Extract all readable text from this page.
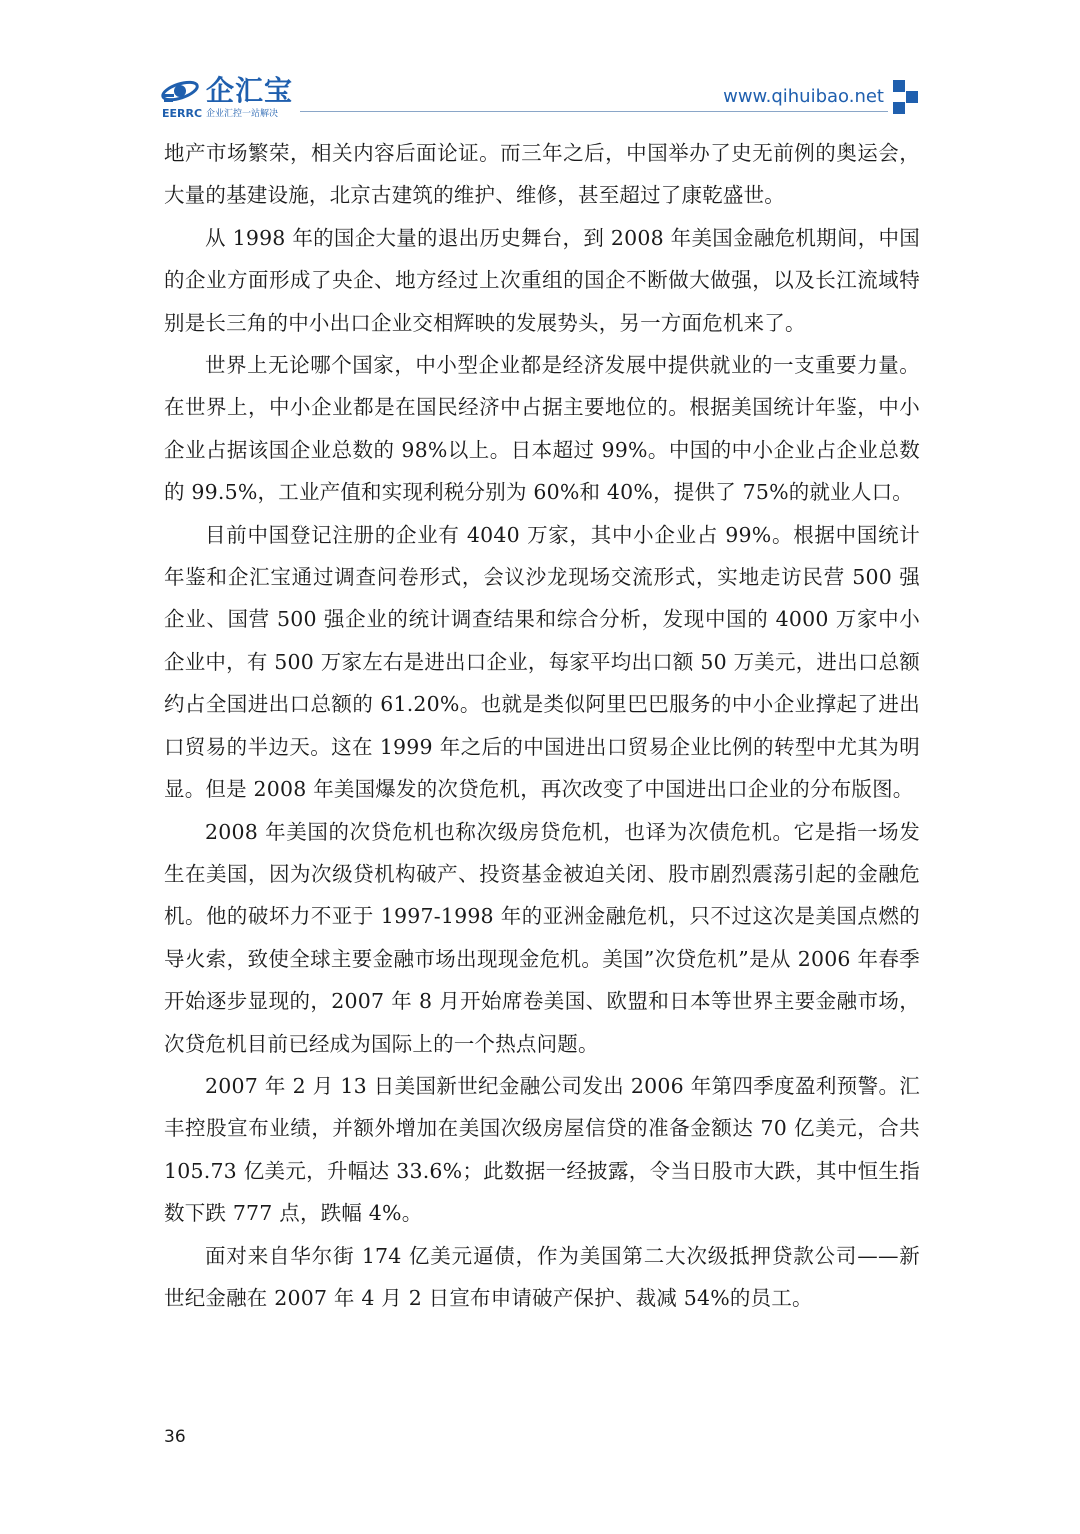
企汇宝
EERRC 企业汇控一站解决
www.qihuibao.net

地产市场繁荣，相关内容后面论证。而三年之后，中国举办了史无前例的奥运会，大量的基建设施，北京古建筑的维护、维修，甚至超过了康乾盛世。

从 1998 年的国企大量的退出历史舞台，到 2008 年美国金融危机期间，中国的企业方面形成了央企、地方经过上次重组的国企不断做大做强，以及长江流域特别是长三角的中小出口企业交相辉映的发展势头，另一方面危机来了。

世界上无论哪个国家，中小型企业都是经济发展中提供就业的一支重要力量。在世界上，中小企业都是在国民经济中占据主要地位的。根据美国统计年鉴，中小企业占据该国企业总数的 98%以上。日本超过 99%。中国的中小企业占企业总数的 99.5%，工业产值和实现利税分别为 60%和 40%，提供了 75%的就业人口。

目前中国登记注册的企业有 4040 万家，其中小企业占 99%。根据中国统计年鉴和企汇宝通过调查问卷形式，会议沙龙现场交流形式，实地走访民营 500 强企业、国营 500 强企业的统计调查结果和综合分析，发现中国的 4000 万家中小企业中，有 500 万家左右是进出口企业，每家平均出口额 50 万美元，进出口总额约占全国进出口总额的 61.20%。也就是类似阿里巴巴服务的中小企业撑起了进出口贸易的半边天。这在 1999 年之后的中国进出口贸易企业比例的转型中尤其为明显。但是 2008 年美国爆发的次贷危机，再次改变了中国进出口企业的分布版图。

2008 年美国的次贷危机也称次级房贷危机，也译为次债危机。它是指一场发生在美国，因为次级贷机构破产、投资基金被迫关闭、股市剧烈震荡引起的金融危机。他的破坏力不亚于 1997-1998 年的亚洲金融危机，只不过这次是美国点燃的导火索，致使全球主要金融市场出现现金危机。美国”次贷危机”是从 2006 年春季开始逐步显现的，2007 年 8 月开始席卷美国、欧盟和日本等世界主要金融市场，次贷危机目前已经成为国际上的一个热点问题。

2007 年 2 月 13 日美国新世纪金融公司发出 2006 年第四季度盈利预警。汇丰控股宣布业绩，并额外增加在美国次级房屋信贷的准备金额达 70 亿美元，合共 105.73 亿美元，升幅达 33.6%；此数据一经披露，令当日股市大跌，其中恒生指数下跌 777 点，跌幅 4%。

面对来自华尔街 174 亿美元逼债，作为美国第二大次级抵押贷款公司——新世纪金融在 2007 年 4 月 2 日宣布申请破产保护、裁减 54%的员工。

36
